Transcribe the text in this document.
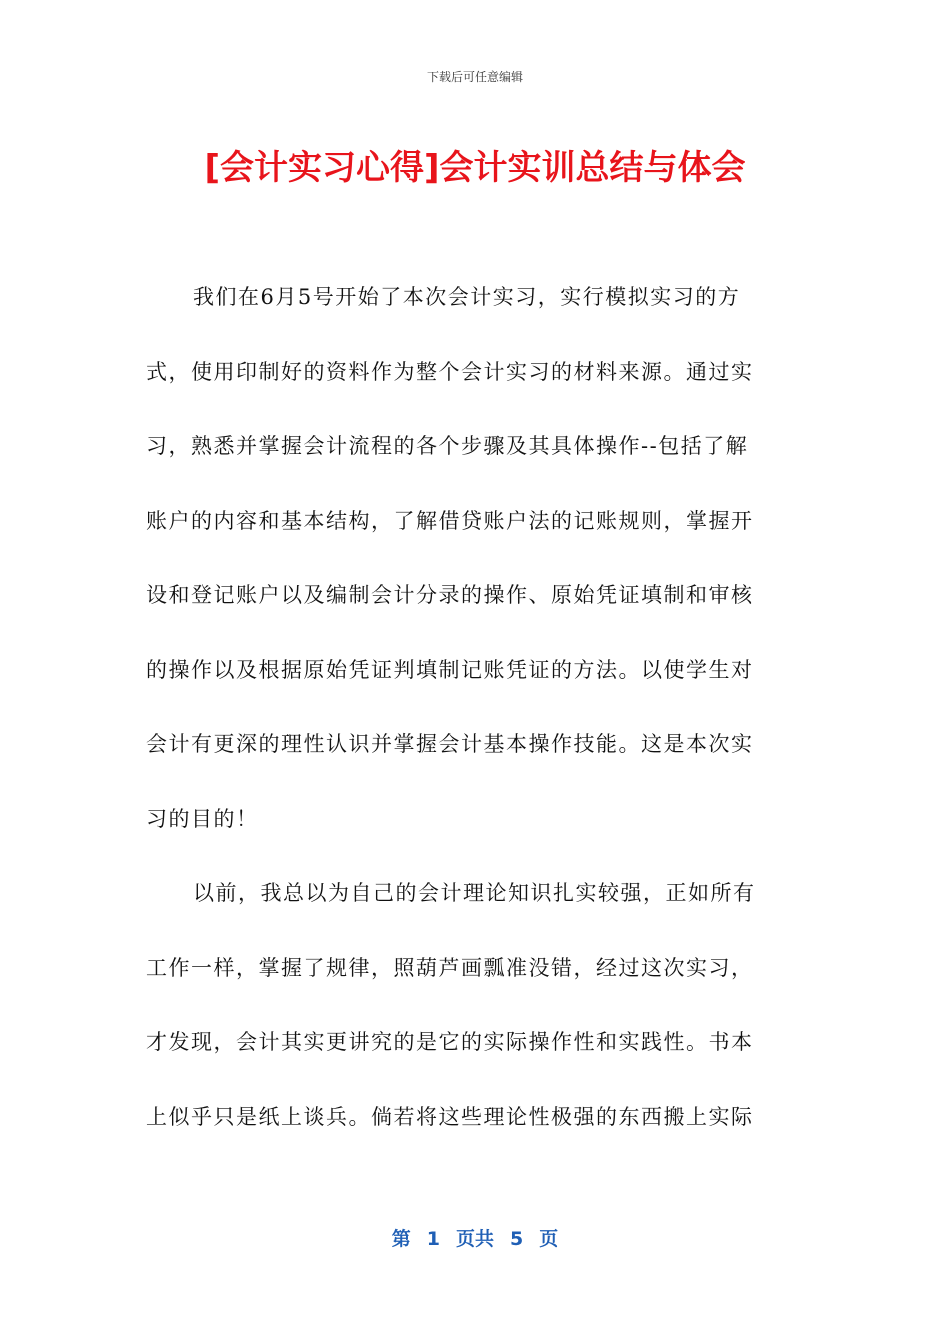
下载后可任意编辑
[会计实习心得]会计实训总结与体会
我们在6月5号开始了本次会计实习，实行模拟实习的方
式，使用印制好的资料作为整个会计实习的材料来源。通过实
习，熟悉并掌握会计流程的各个步骤及其具体操作--包括了解
账户的内容和基本结构，了解借贷账户法的记账规则，掌握开
设和登记账户以及编制会计分录的操作、原始凭证填制和审核
的操作以及根据原始凭证判填制记账凭证的方法。以使学生对
会计有更深的理性认识并掌握会计基本操作技能。这是本次实
习的目的！
以前，我总以为自己的会计理论知识扎实较强，正如所有
工作一样，掌握了规律，照葫芦画瓢准没错，经过这次实习，
才发现，会计其实更讲究的是它的实际操作性和实践性。书本
上似乎只是纸上谈兵。倘若将这些理论性极强的东西搬上实际
第 1 页共 5 页
